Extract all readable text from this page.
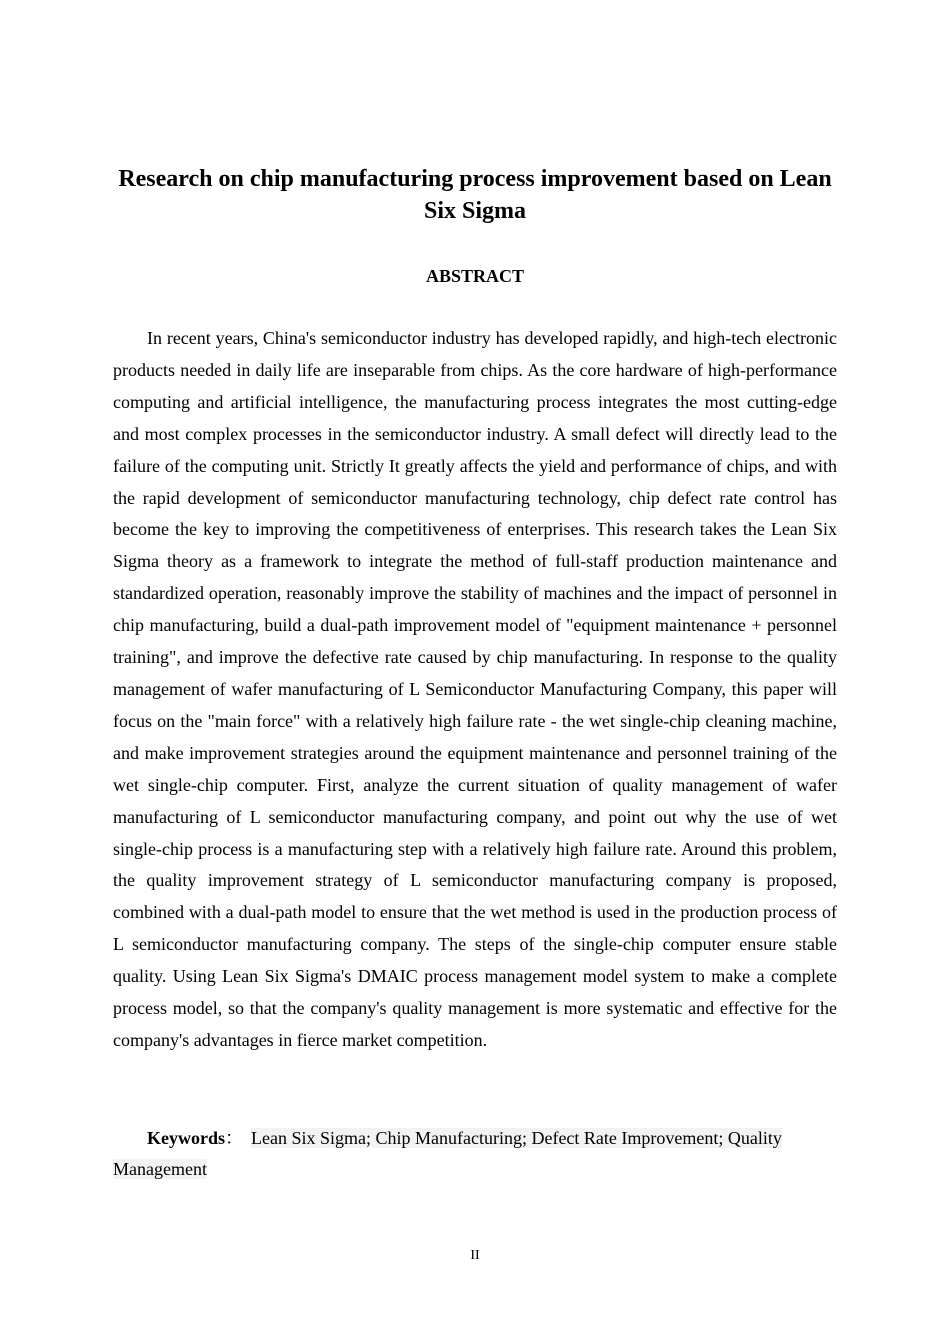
Research on chip manufacturing process improvement based on Lean Six Sigma
ABSTRACT

In recent years, China's semiconductor industry has developed rapidly, and high-tech electronic products needed in daily life are inseparable from chips. As the core hardware of high-performance computing and artificial intelligence, the manufacturing process integrates the most cutting-edge and most complex processes in the semiconductor industry. A small defect will directly lead to the failure of the computing unit. Strictly It greatly affects the yield and performance of chips, and with the rapid development of semiconductor manufacturing technology, chip defect rate control has become the key to improving the competitiveness of enterprises. This research takes the Lean Six Sigma theory as a framework to integrate the method of full-staff production maintenance and standardized operation, reasonably improve the stability of machines and the impact of personnel in chip manufacturing, build a dual-path improvement model of "equipment maintenance + personnel training", and improve the defective rate caused by chip manufacturing. In response to the quality management of wafer manufacturing of L Semiconductor Manufacturing Company, this paper will focus on the "main force" with a relatively high failure rate - the wet single-chip cleaning machine, and make improvement strategies around the equipment maintenance and personnel training of the wet single-chip computer. First, analyze the current situation of quality management of wafer manufacturing of L semiconductor manufacturing company, and point out why the use of wet single-chip process is a manufacturing step with a relatively high failure rate. Around this problem, the quality improvement strategy of L semiconductor manufacturing company is proposed, combined with a dual-path model to ensure that the wet method is used in the production process of L semiconductor manufacturing company. The steps of the single-chip computer ensure stable quality. Using Lean Six Sigma's DMAIC process management model system to make a complete process model, so that the company's quality management is more systematic and effective for the company's advantages in fierce market competition.

Keywords： Lean Six Sigma; Chip Manufacturing; Defect Rate Improvement; Quality Management

II
